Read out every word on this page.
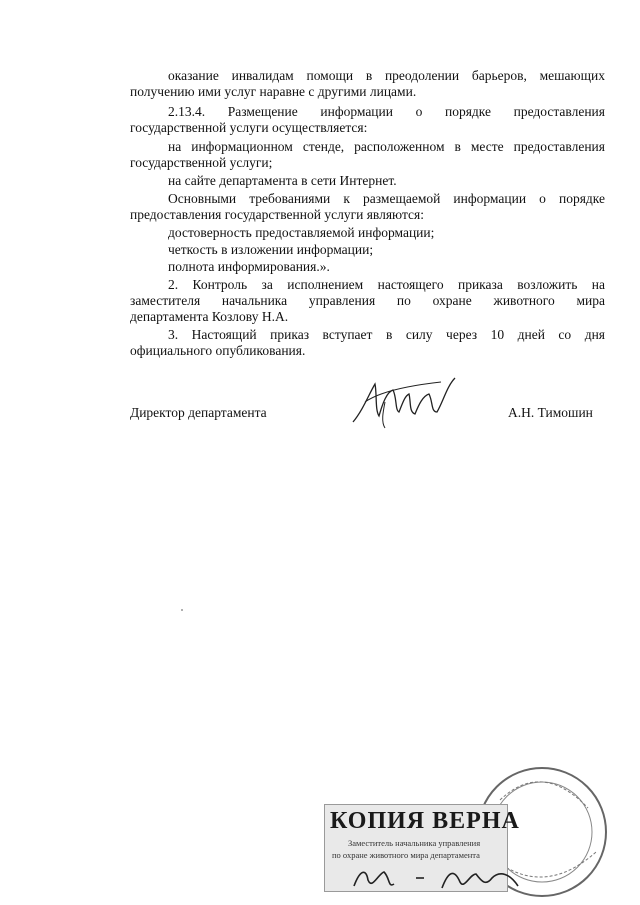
оказание инвалидам помощи в преодолении барьеров, мешающих
получению ими услуг наравне с другими лицами.
2.13.4. Размещение информации о порядке предоставления
государственной услуги осуществляется:
на информационном стенде, расположенном в месте предоставления
государственной услуги;
на сайте департамента в сети Интернет.
Основными требованиями к размещаемой информации о порядке
предоставления государственной услуги являются:
достоверность предоставляемой информации;
четкость в изложении информации;
полнота информирования.».
2. Контроль за исполнением настоящего приказа возложить на
заместителя начальника управления по охране животного мира
департамента Козлову Н.А.
3. Настоящий приказ вступает в силу через 10 дней со дня
официального опубликования.
Директор департамента	А.Н. Тимошин
КОПИЯ ВЕРНА
Заместитель начальника управления
по охране животного мира департамента
